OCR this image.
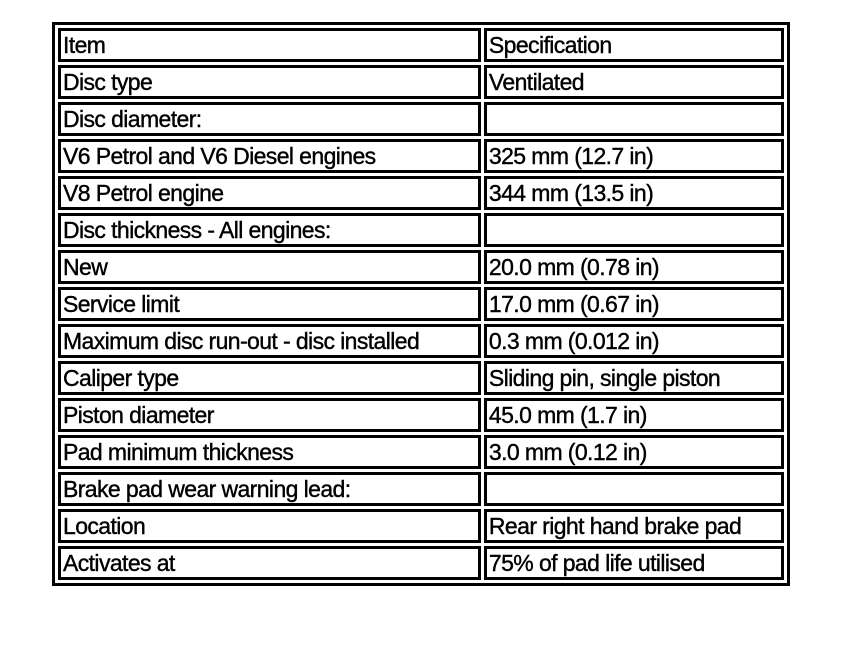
Item	Specification
Disc type	Ventilated
Disc diameter:	
V6 Petrol and V6 Diesel engines	325 mm (12.7 in)
V8 Petrol engine	344 mm (13.5 in)
Disc thickness - All engines:	
New	20.0 mm (0.78 in)
Service limit	17.0 mm (0.67 in)
Maximum disc run-out - disc installed	0.3 mm (0.012 in)
Caliper type	Sliding pin, single piston
Piston diameter	45.0 mm (1.7 in)
Pad minimum thickness	3.0 mm (0.12 in)
Brake pad wear warning lead:	
Location	Rear right hand brake pad
Activates at	75% of pad life utilised
